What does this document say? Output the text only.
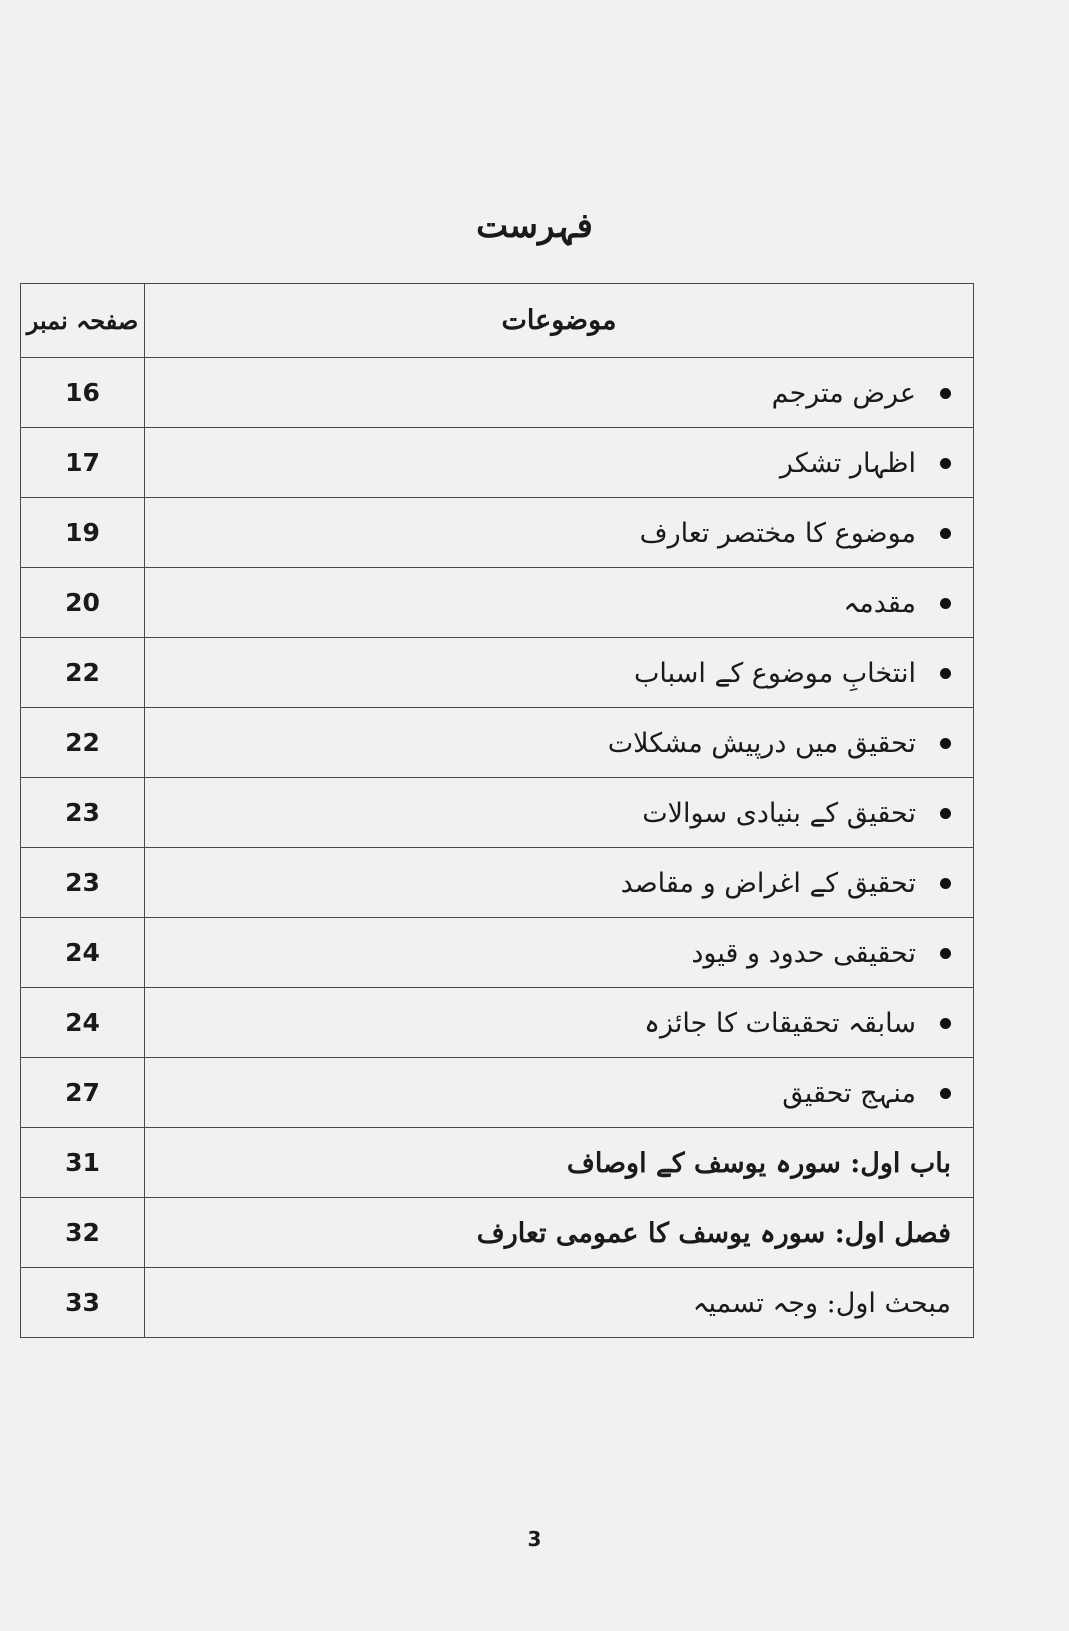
فہرست
صفحہ نمبر	موضوعات
16	عرض مترجم
17	اظہار تشکر
19	موضوع کا مختصر تعارف
20	مقدمہ
22	انتخابِ موضوع کے اسباب
22	تحقیق میں درپیش مشکلات
23	تحقیق کے بنیادی سوالات
23	تحقیق کے اغراض و مقاصد
24	تحقیقی حدود و قیود
24	سابقہ تحقیقات کا جائزہ
27	منہج تحقیق
31	باب اول: سورہ یوسف کے اوصاف
32	فصل اول: سورہ یوسف کا عمومی تعارف
33	مبحث اول: وجہ تسمیہ
3
